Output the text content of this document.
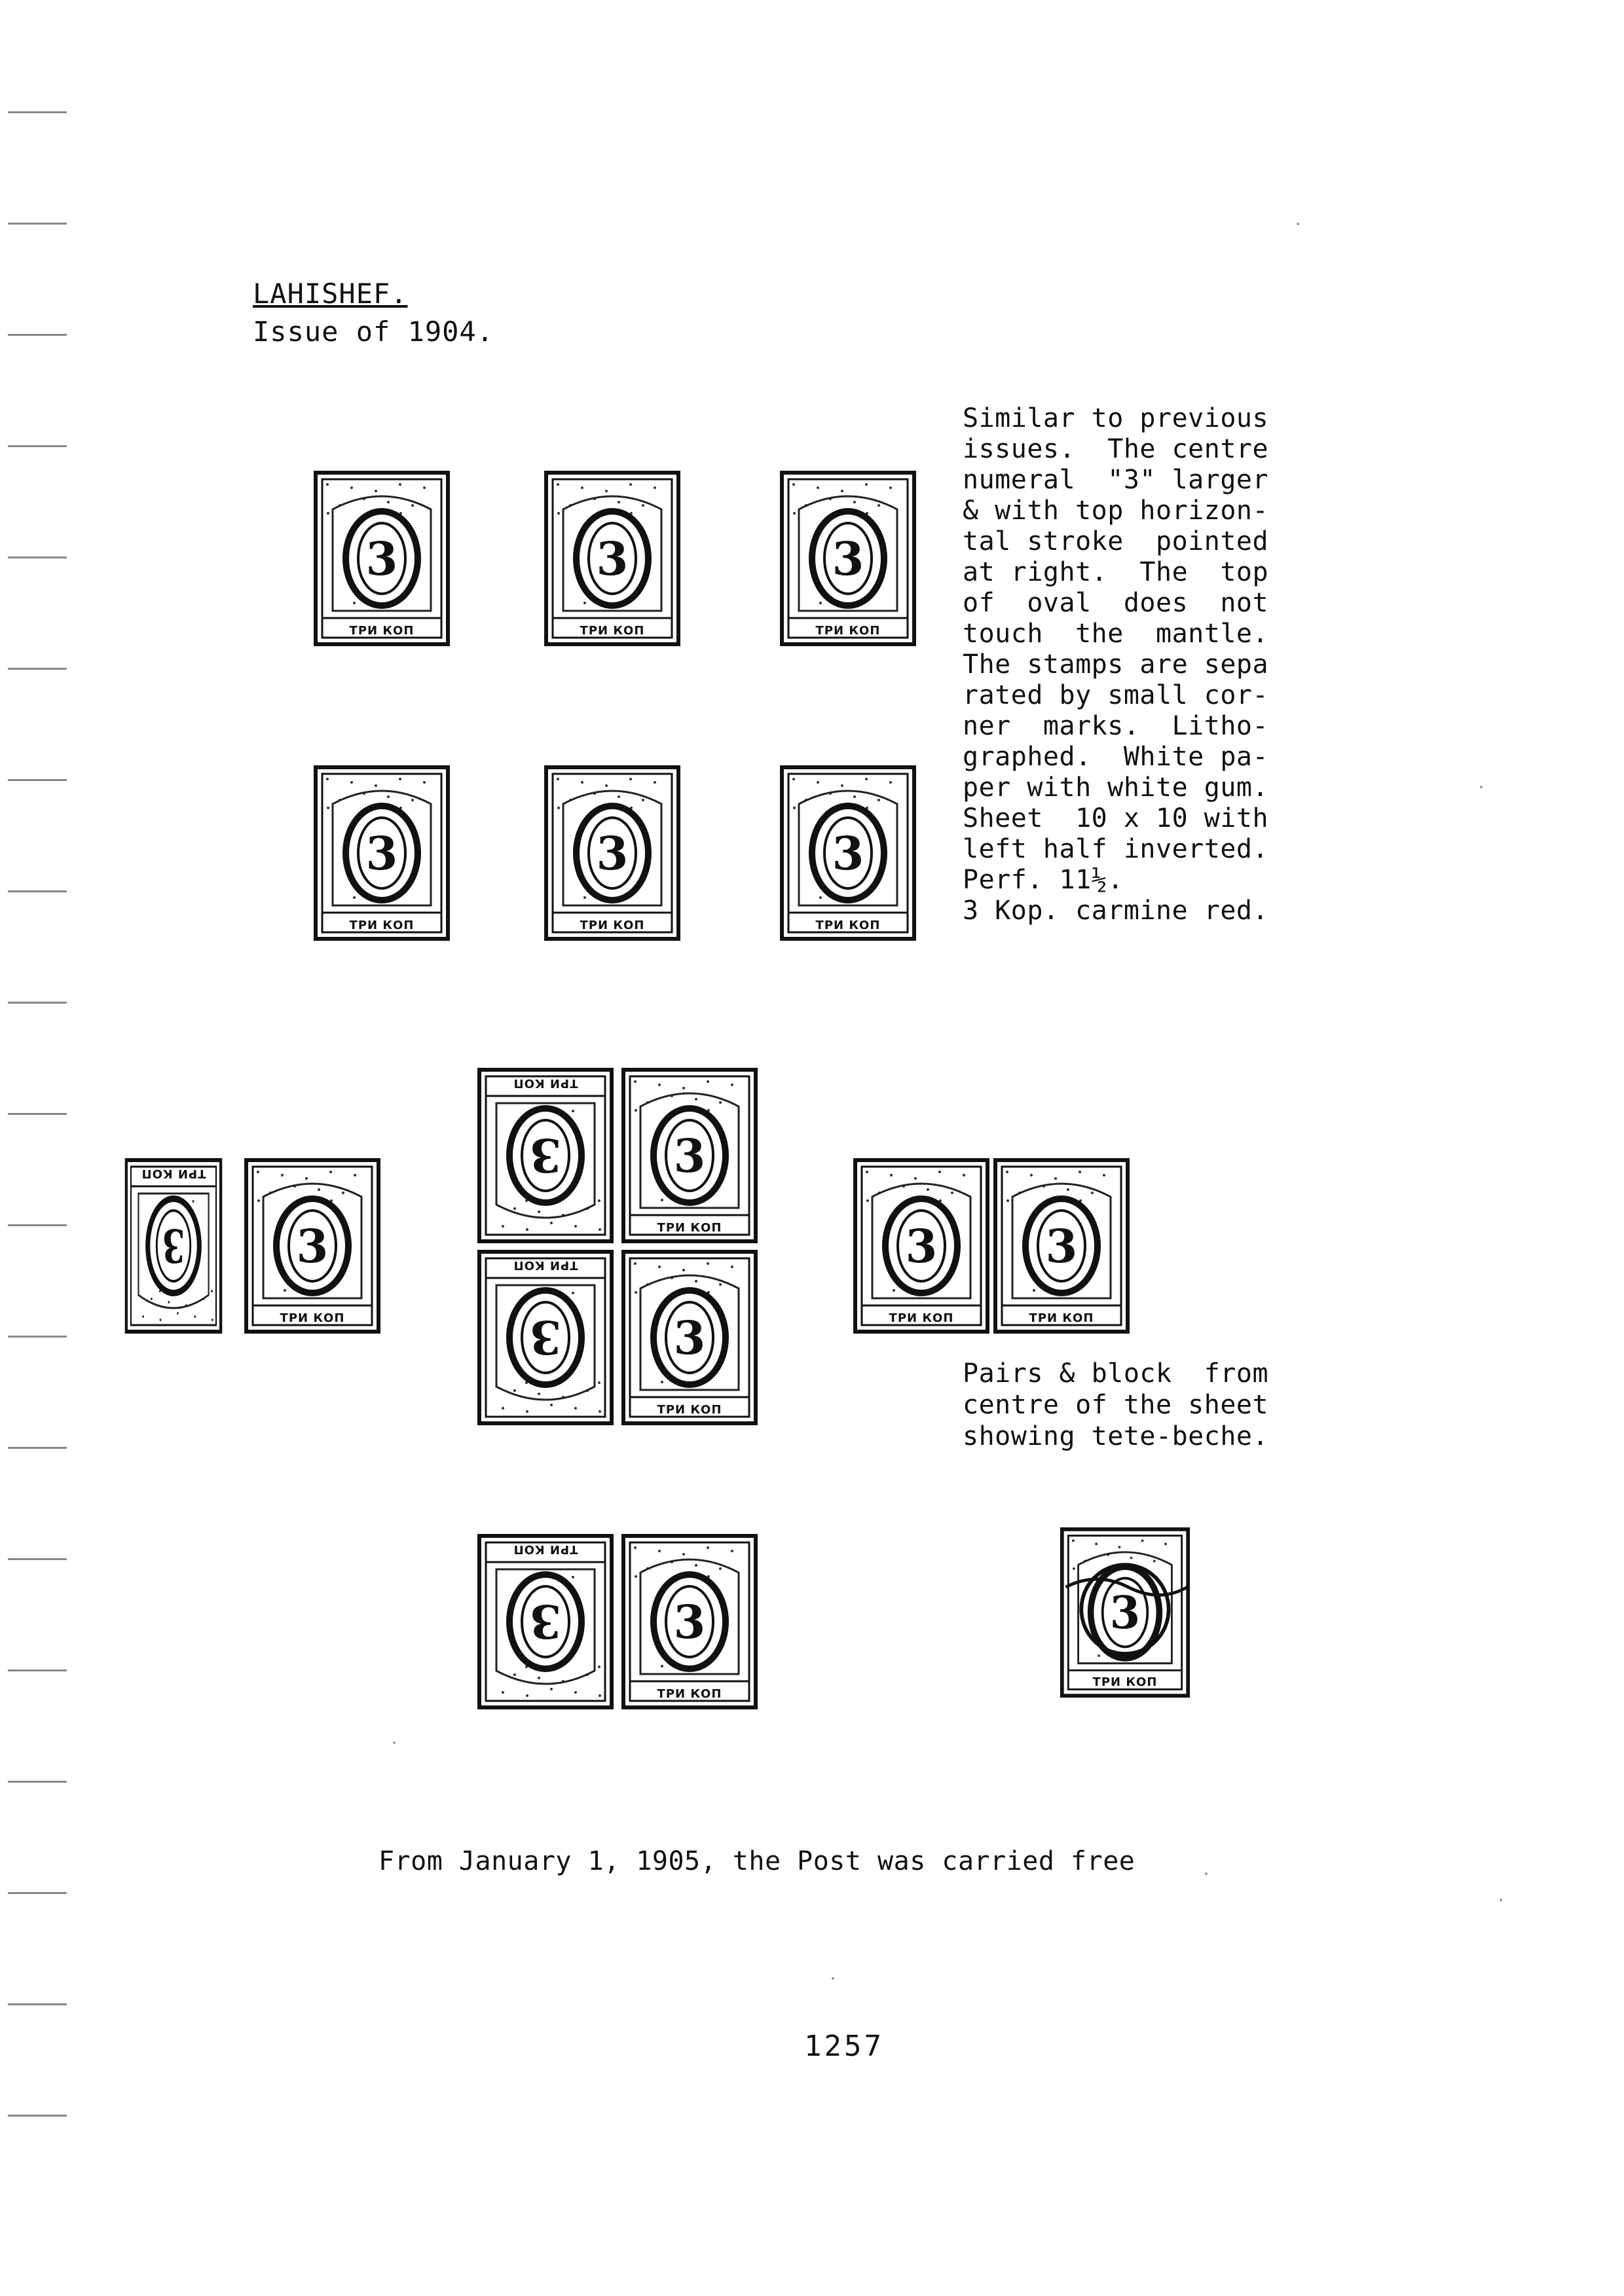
LAHISHEF.
Issue of 1904.
Similar to previous
issues.  The centre
numeral  "3" larger
& with top horizon-
tal stroke  pointed
at right.  The  top
of  oval  does  not
touch  the  mantle.
The stamps are sepa
rated by small cor-
ner  marks.  Litho-
graphed.  White pa-
per with white gum.
Sheet  10 x 10 with
left half inverted.
Perf. 11½.
3 Kop. carmine red.
3
ТРИ КОП
3
ТРИ КОП
3
ТРИ КОП
3
ТРИ КОП
3
ТРИ КОП
3
ТРИ КОП
3
ТРИ КОП
3
ТРИ КОП
3
ТРИ КОП
3
ТРИ КОП
3
ТРИ КОП
3
ТРИ КОП
3
ТРИ КОП
3
ТРИ КОП
Pairs & block  from
centre of the sheet
showing tete-beche.
3
ТРИ КОП
3
ТРИ КОП
3
ТРИ КОП
From January 1, 1905, the Post was carried free
1257
